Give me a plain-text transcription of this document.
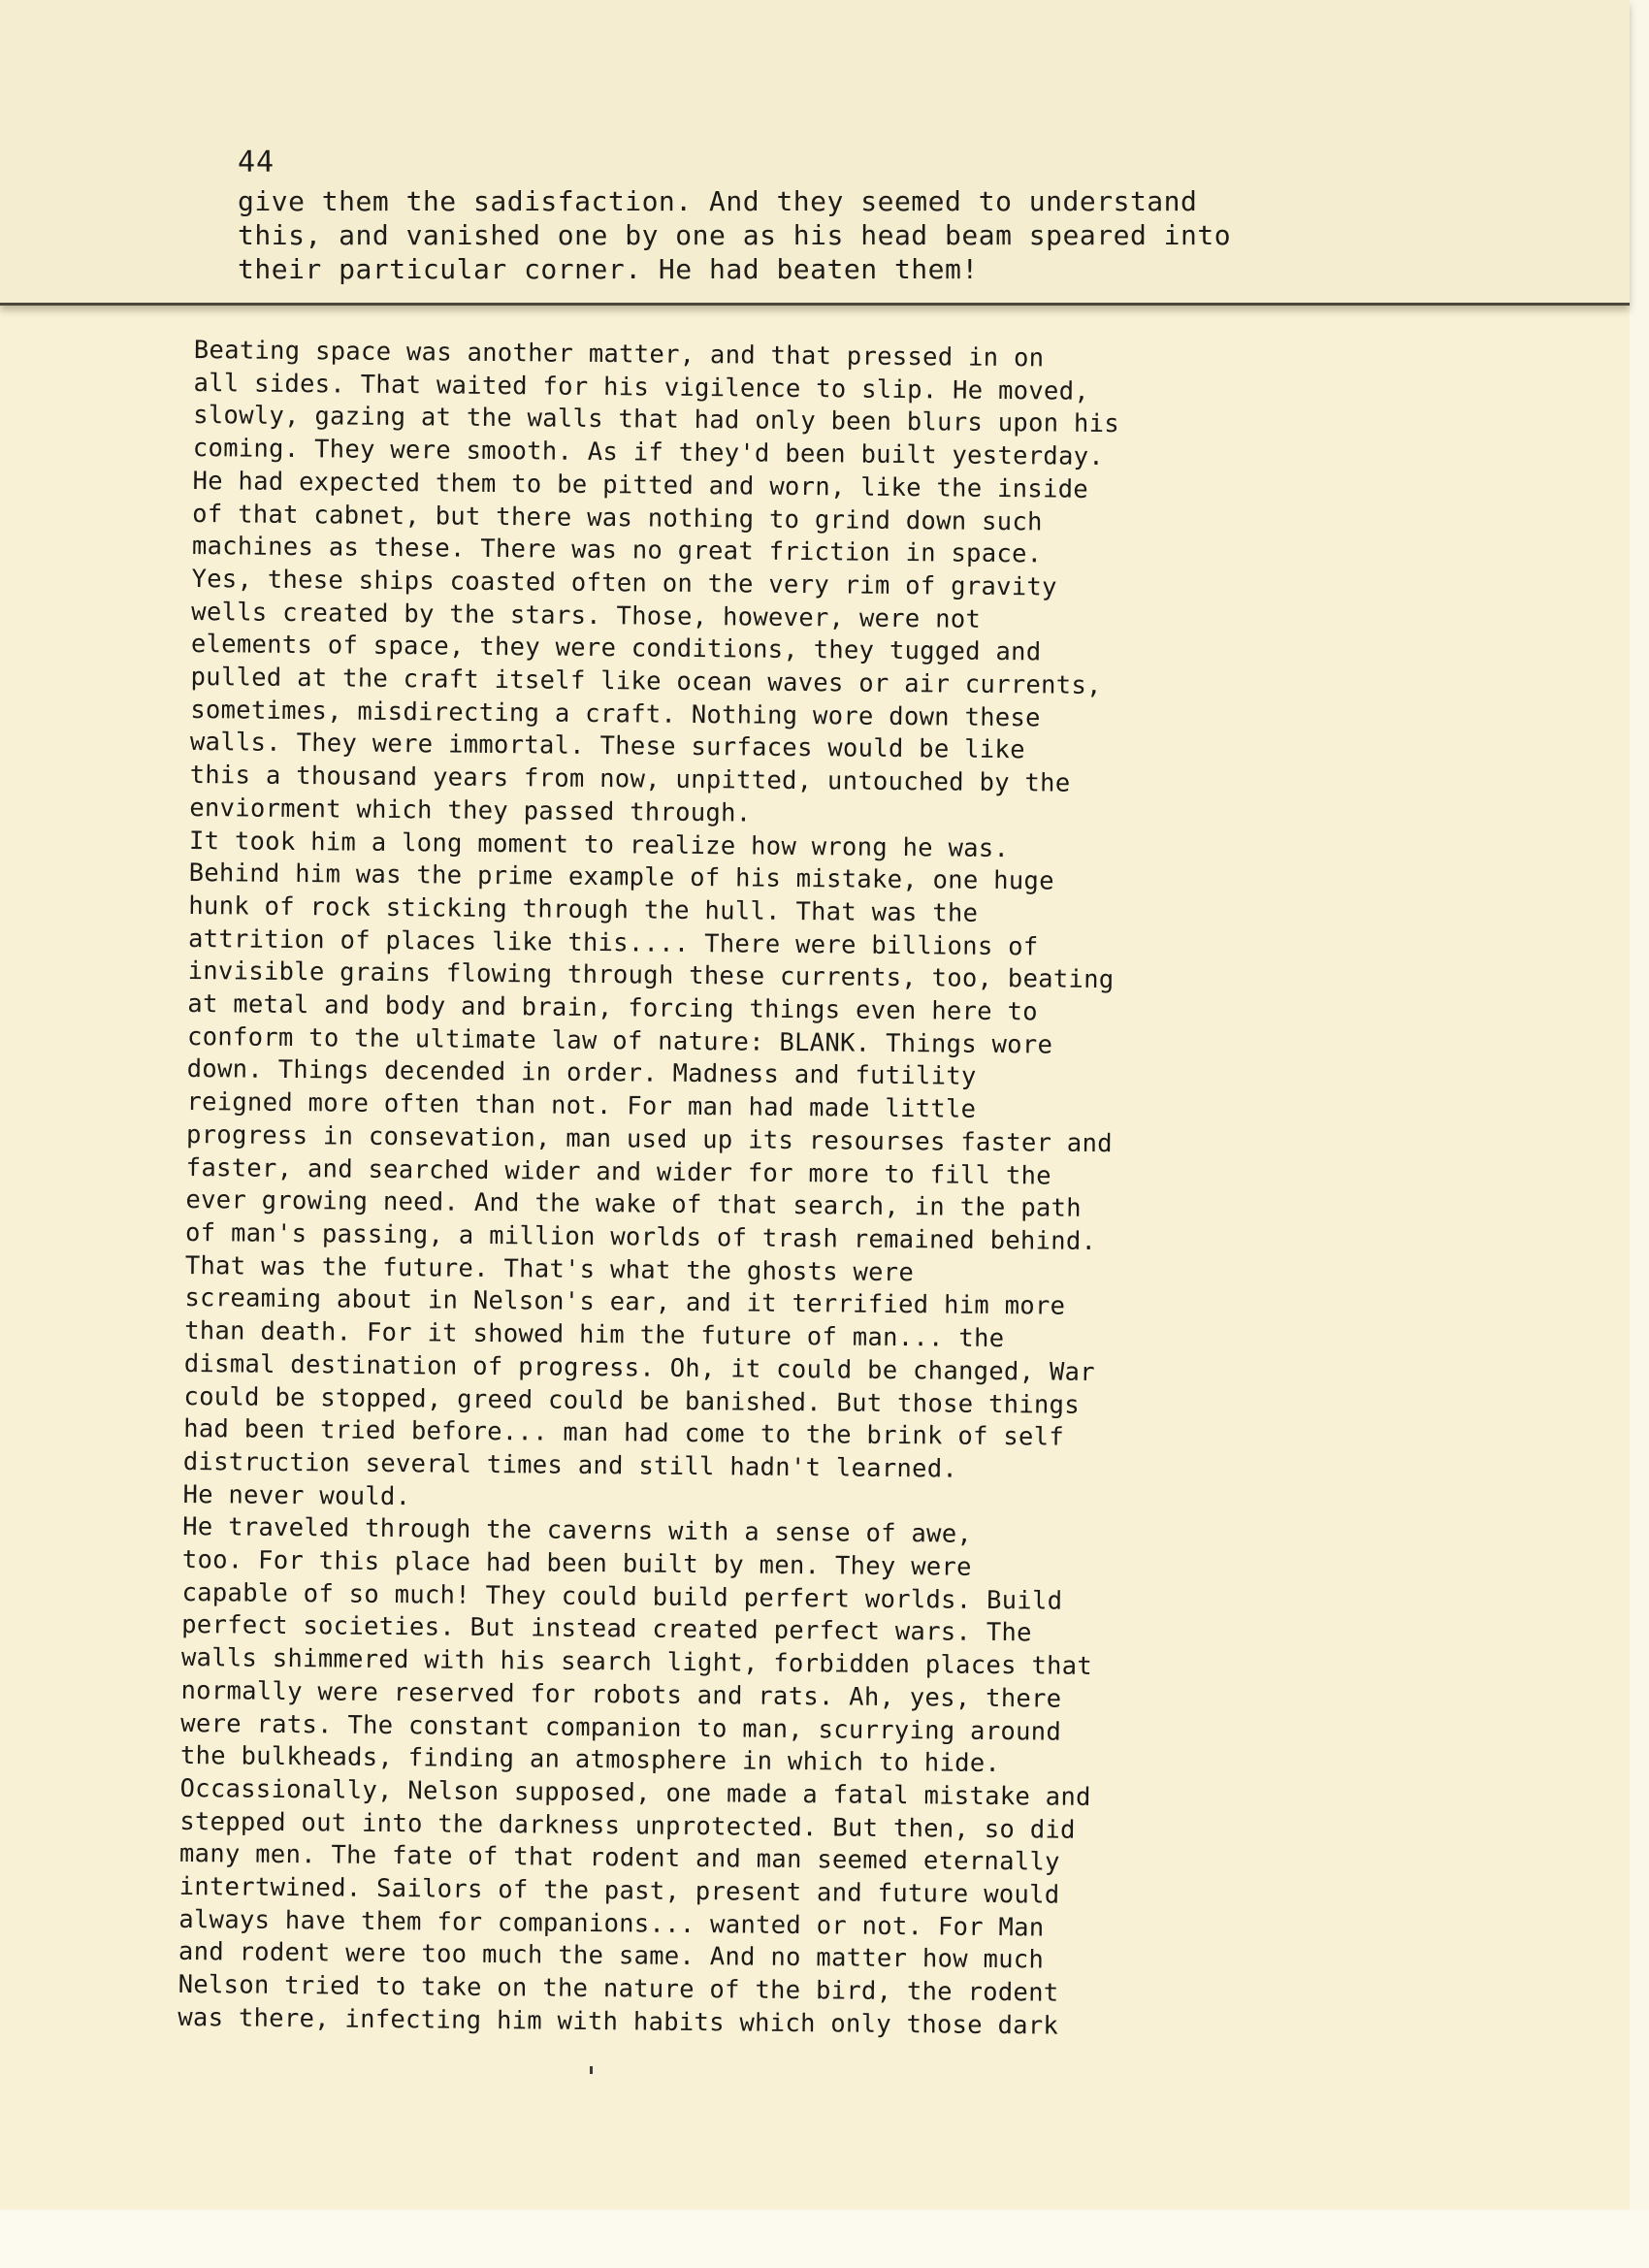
44
give them the sadisfaction. And they seemed to understand
this, and vanished one by one as his head beam speared into
their particular corner. He had beaten them!
Beating space was another matter, and that pressed in on
all sides. That waited for his vigilence to slip. He moved,
slowly, gazing at the walls that had only been blurs upon his
coming. They were smooth. As if they'd been built yesterday.
He had expected them to be pitted and worn, like the inside
of that cabnet, but there was nothing to grind down such
machines as these. There was no great friction in space.
Yes, these ships coasted often on the very rim of gravity
wells created by the stars. Those, however, were not
elements of space, they were conditions, they tugged and
pulled at the craft itself like ocean waves or air currents,
sometimes, misdirecting a craft. Nothing wore down these
walls. They were immortal. These surfaces would be like
this a thousand years from now, unpitted, untouched by the
enviorment which they passed through.
It took him a long moment to realize how wrong he was.
Behind him was the prime example of his mistake, one huge
hunk of rock sticking through the hull. That was the
attrition of places like this.... There were billions of
invisible grains flowing through these currents, too, beating
at metal and body and brain, forcing things even here to
conform to the ultimate law of nature: BLANK. Things wore
down. Things decended in order. Madness and futility
reigned more often than not. For man had made little
progress in consevation, man used up its resourses faster and
faster, and searched wider and wider for more to fill the
ever growing need. And the wake of that search, in the path
of man's passing, a million worlds of trash remained behind.
That was the future. That's what the ghosts were
screaming about in Nelson's ear, and it terrified him more
than death. For it showed him the future of man... the
dismal destination of progress. Oh, it could be changed, War
could be stopped, greed could be banished. But those things
had been tried before... man had come to the brink of self
distruction several times and still hadn't learned.
He never would.
He traveled through the caverns with a sense of awe,
too. For this place had been built by men. They were
capable of so much! They could build perfert worlds. Build
perfect societies. But instead created perfect wars. The
walls shimmered with his search light, forbidden places that
normally were reserved for robots and rats. Ah, yes, there
were rats. The constant companion to man, scurrying around
the bulkheads, finding an atmosphere in which to hide.
Occassionally, Nelson supposed, one made a fatal mistake and
stepped out into the darkness unprotected. But then, so did
many men. The fate of that rodent and man seemed eternally
intertwined. Sailors of the past, present and future would
always have them for companions... wanted or not. For Man
and rodent were too much the same. And no matter how much
Nelson tried to take on the nature of the bird, the rodent
was there, infecting him with habits which only those dark
